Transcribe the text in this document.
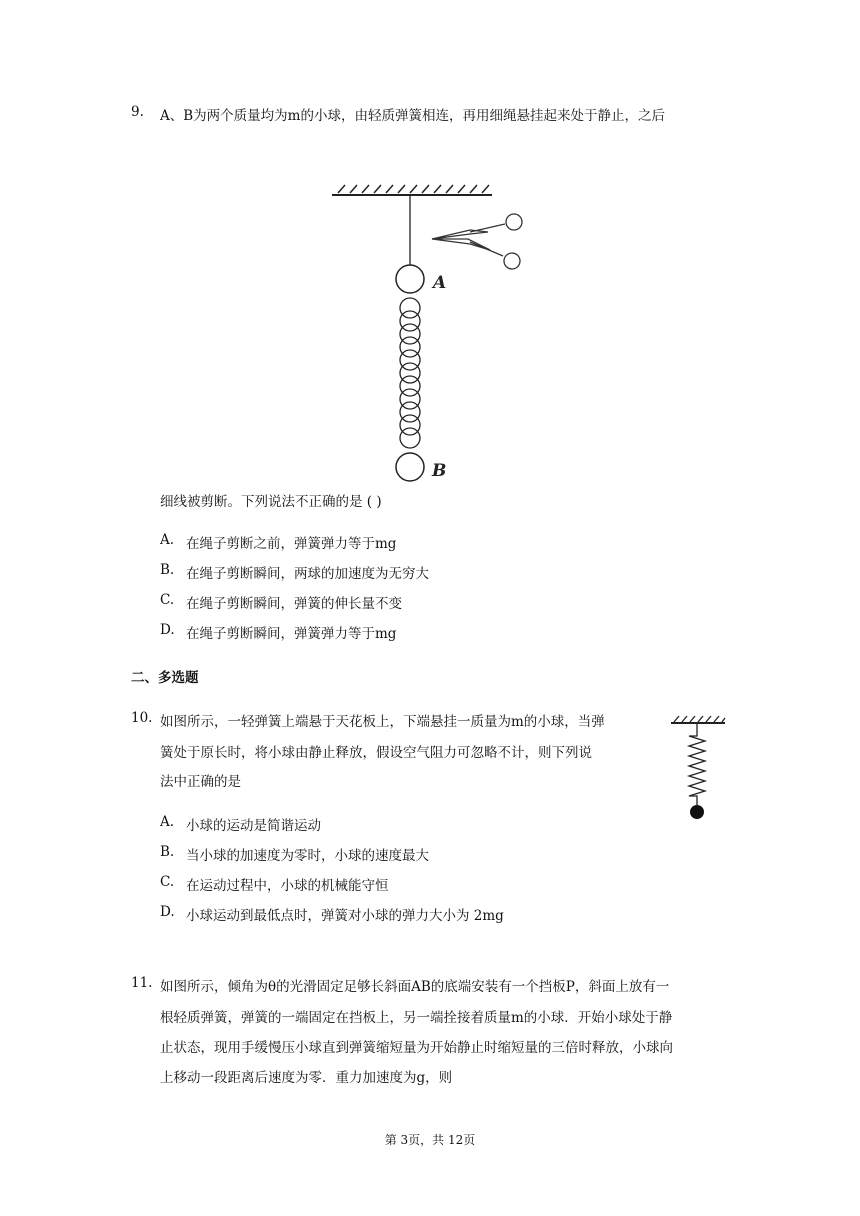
9. A、B为两个质量均为m的小球，由轻质弹簧相连，再用细绳悬挂起来处于静止，之后
A
B
细线被剪断。下列说法不正确的是 ( )
A. 在绳子剪断之前，弹簧弹力等于mg
B. 在绳子剪断瞬间，两球的加速度为无穷大
C. 在绳子剪断瞬间，弹簧的伸长量不变
D. 在绳子剪断瞬间，弹簧弹力等于mg
二、多选题
10. 如图所示，一轻弹簧上端悬于天花板上，下端悬挂一质量为m的小球，当弹
簧处于原长时，将小球由静止释放，假设空气阻力可忽略不计，则下列说
法中正确的是
A. 小球的运动是简谐运动
B. 当小球的加速度为零时，小球的速度最大
C. 在运动过程中，小球的机械能守恒
D. 小球运动到最低点时，弹簧对小球的弹力大小为 2mg
11. 如图所示，倾角为θ的光滑固定足够长斜面AB的底端安装有一个挡板P，斜面上放有一
根轻质弹簧，弹簧的一端固定在挡板上，另一端拴接着质量m的小球．开始小球处于静
止状态，现用手缓慢压小球直到弹簧缩短量为开始静止时缩短量的三倍时释放，小球向
上移动一段距离后速度为零．重力加速度为g，则
第 3页，共 12页
